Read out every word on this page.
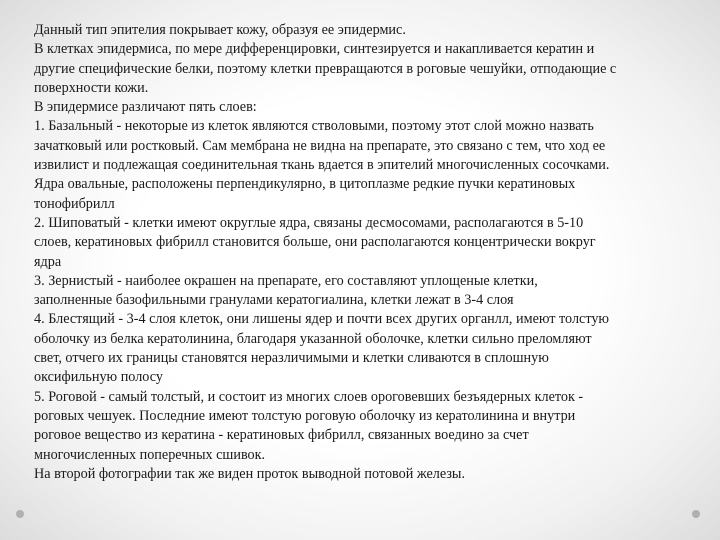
Данный тип эпителия покрывает кожу, образуя ее эпидермис.
В клетках эпидермиса, по мере дифференцировки, синтезируется и накапливается кератин и
другие специфические белки, поэтому клетки превращаются в роговые чешуйки, отподающие с
поверхности кожи.
В эпидермисе различают пять слоев:
1. Базальный - некоторые из клеток являются стволовыми, поэтому этот слой можно назвать
зачатковый или ростковый. Сам мембрана не видна на препарате, это связано с тем, что ход ее
извилист и подлежащая соединительная ткань вдается в эпителий многочисленных сосочками.
Ядра овальные, расположены перпендикулярно, в цитоплазме редкие пучки кератиновых
тонофибрилл
2. Шиповатый - клетки имеют округлые ядра, связаны десмосомами, располагаются в 5-10
слоев, кератиновых фибрилл становится больше, они располагаются концентрически вокруг
ядра
3. Зернистый - наиболее окрашен на препарате, его составляют уплощеные клетки,
заполненные базофильными гранулами кератогиалина, клетки лежат в 3-4 слоя
4. Блестящий - 3-4 слоя клеток, они лишены ядер и почти всех других органлл, имеют толстую
оболочку из белка кератолинина, благодаря указанной оболочке, клетки сильно преломляют
свет, отчего их границы становятся неразличимыми и клетки сливаются в сплошную
оксифильную полосу
5. Роговой - самый толстый, и состоит из многих слоев ороговевших безъядерных клеток -
роговых чешуек. Последние имеют толстую роговую оболочку из кератолинина и внутри
роговое вещество из кератина - кератиновых фибрилл, связанных воедино за счет
многочисленных поперечных сшивок.
На второй фотографии так же виден проток выводной потовой железы.
